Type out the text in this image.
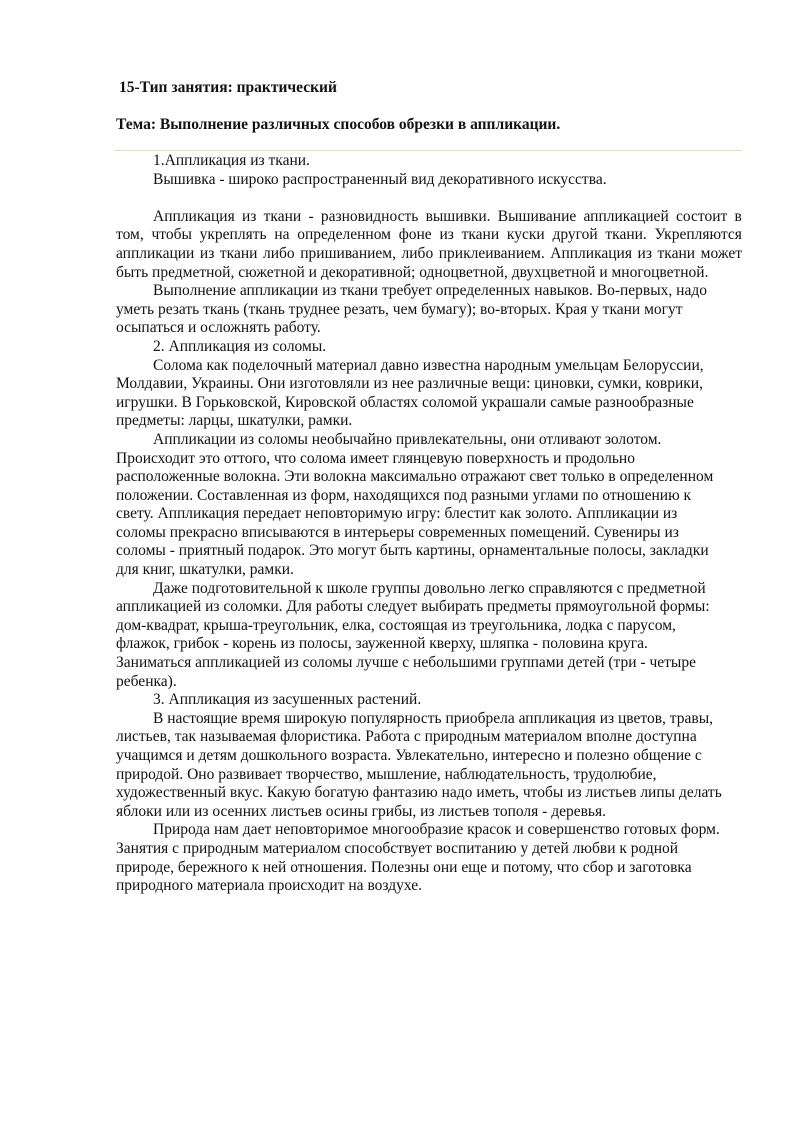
15-Тип занятия: практический
Тема: Выполнение различных способов обрезки в аппликации.
1.Аппликация из ткани.
Вышивка - широко распространенный вид декоративного искусства.
Аппликация из ткани - разновидность вышивки. Вышивание аппликацией состоит в
том, чтобы укреплять на определенном фоне из ткани куски другой ткани. Укрепляются
аппликации из ткани либо пришиванием, либо приклеиванием. Аппликация из ткани может
быть предметной, сюжетной и декоративной; одноцветной, двухцветной и многоцветной.
Выполнение аппликации из ткани требует определенных навыков. Во-первых, надо
уметь резать ткань (ткань труднее резать, чем бумагу); во-вторых. Края у ткани могут
осыпаться и осложнять работу.
2. Аппликация из соломы.
Солома как поделочный материал давно известна народным умельцам Белоруссии,
Молдавии, Украины. Они изготовляли из нее различные вещи: циновки, сумки, коврики,
игрушки. В Горьковской, Кировской областях соломой украшали самые разнообразные
предметы: ларцы, шкатулки, рамки.
Аппликации из соломы необычайно привлекательны, они отливают золотом.
Происходит это оттого, что солома имеет глянцевую поверхность и продольно
расположенные волокна. Эти волокна максимально отражают свет только в определенном
положении. Составленная из форм, находящихся под разными углами по отношению к
свету. Аппликация передает неповторимую игру: блестит как золото. Аппликации из
соломы прекрасно вписываются в интерьеры современных помещений. Сувениры из
соломы - приятный подарок. Это могут быть картины, орнаментальные полосы, закладки
для книг, шкатулки, рамки.
Даже подготовительной к школе группы довольно легко справляются с предметной
аппликацией из соломки. Для работы следует выбирать предметы прямоугольной формы:
дом-квадрат, крыша-треугольник, елка, состоящая из треугольника, лодка с парусом,
флажок, грибок - корень из полосы, зауженной кверху, шляпка - половина круга.
Заниматься аппликацией из соломы лучше с небольшими группами детей (три - четыре
ребенка).
3. Аппликация из засушенных растений.
В настоящие время широкую популярность приобрела аппликация из цветов, травы,
листьев, так называемая флористика. Работа с природным материалом вполне доступна
учащимся и детям дошкольного возраста. Увлекательно, интересно и полезно общение с
природой. Оно развивает творчество, мышление, наблюдательность, трудолюбие,
художественный вкус. Какую богатую фантазию надо иметь, чтобы из листьев липы делать
яблоки или из осенних листьев осины грибы, из листьев тополя - деревья.
Природа нам дает неповторимое многообразие красок и совершенство готовых форм.
Занятия с природным материалом способствует воспитанию у детей любви к родной
природе, бережного к ней отношения. Полезны они еще и потому, что сбор и заготовка
природного материала происходит на воздухе.
